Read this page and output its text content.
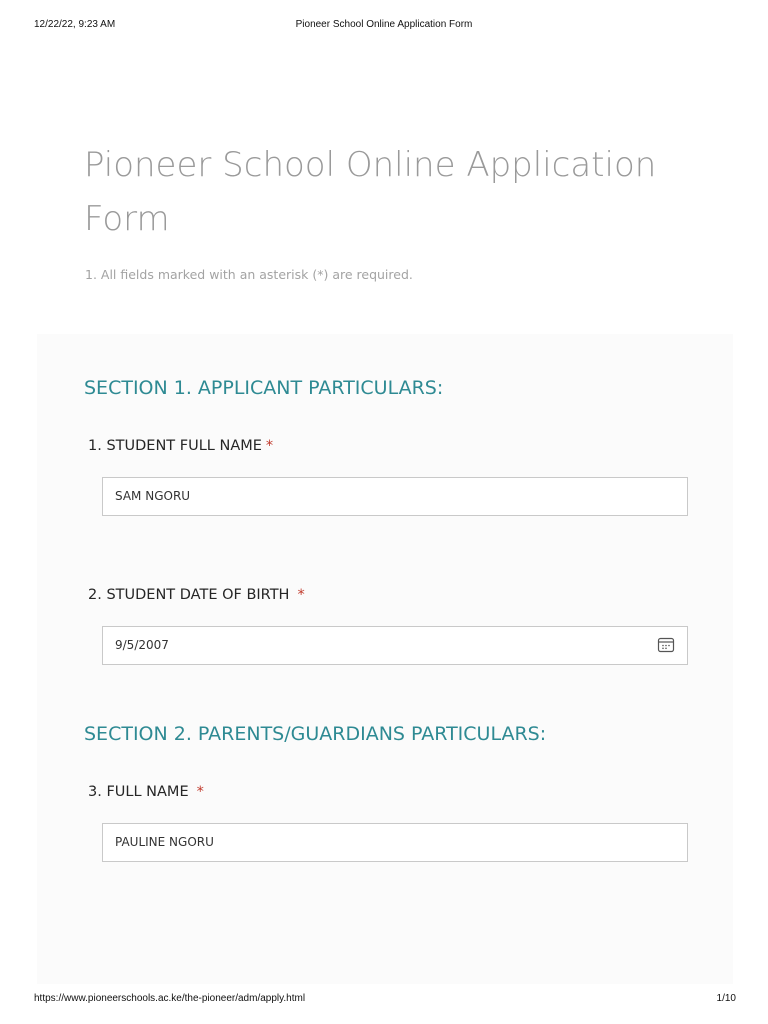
12/22/22, 9:23 AM	Pioneer School Online Application Form
Pioneer School Online Application Form
1. All fields marked with an asterisk (*) are required.
SECTION 1. APPLICANT PARTICULARS:
1. STUDENT FULL NAME *
SAM NGORU
2. STUDENT DATE OF BIRTH *
9/5/2007
SECTION 2. PARENTS/GUARDIANS PARTICULARS:
3. FULL NAME *
PAULINE NGORU
https://www.pioneerschools.ac.ke/the-pioneer/adm/apply.html	1/10
